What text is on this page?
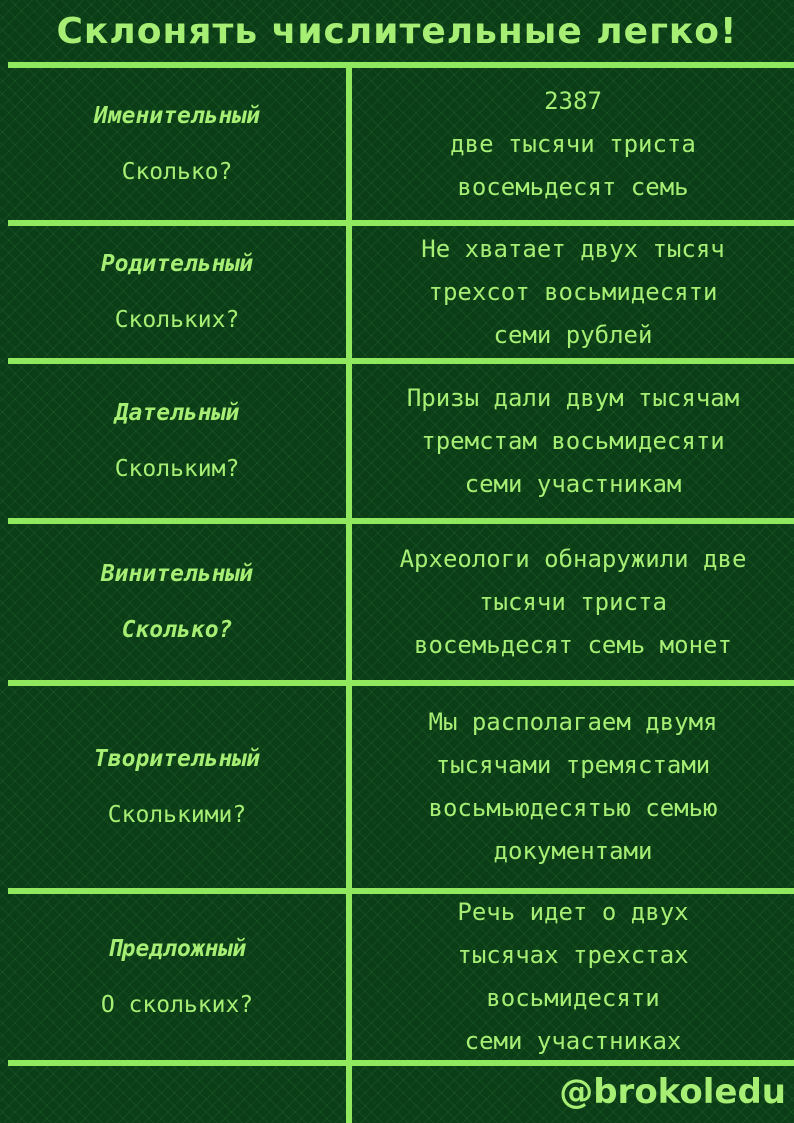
Склонять числительные легко!
Именительный
Сколько?
2387
две тысячи триста
восемьдесят семь
Родительный
Скольких?
Не хватает двух тысяч
трехсот восьмидесяти
семи рублей
Дательный
Скольким?
Призы дали двум тысячам
тремстам восьмидесяти
семи участникам
Винительный
Сколько?
Археологи обнаружили две
тысячи триста
восемьдесят семь монет
Творительный
Сколькими?
Мы располагаем двумя
тысячами тремястами
восьмьюдесятью семью
документами
Предложный
О скольких?
Речь идет о двух
тысячах трехстах
восьмидесяти
семи участниках
@brokoledu
